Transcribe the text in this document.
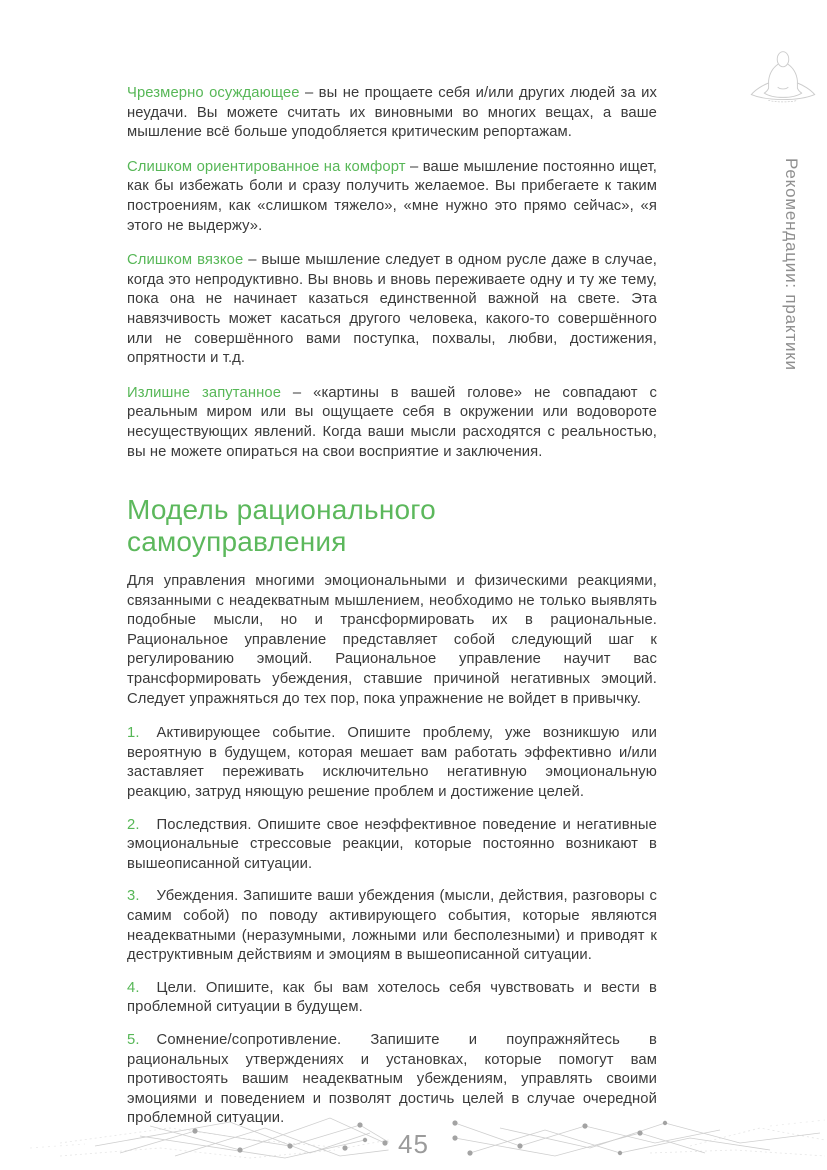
Рекомендации: практики

Чрезмерно осуждающее – вы не прощаете себя и/или других людей за их неудачи. Вы можете считать их виновными во многих вещах, а ваше мышление всё больше уподобляется критическим репортажам.

Слишком ориентированное на комфорт – ваше мышление постоянно ищет, как бы избежать боли и сразу получить желаемое. Вы прибегаете к таким построениям, как «слишком тяжело», «мне нужно это прямо сейчас», «я этого не выдержу».

Слишком вязкое – выше мышление следует в одном русле даже в случае, когда это непродуктивно. Вы вновь и вновь переживаете одну и ту же тему, пока она не начинает казаться единственной важной на свете. Эта навязчивость может касаться другого человека, какого-то совершённого или не совершённого вами поступка, похвалы, любви, достижения, опрятности и т.д.

Излишне запутанное – «картины в вашей голове» не совпадают с реальным миром или вы ощущаете себя в окружении или водовороте несуществующих явлений. Когда ваши мысли расходятся с реальностью, вы не можете опираться на свои восприятие и заключения.

Модель рационального самоуправления

Для управления многими эмоциональными и физическими реакциями, связанными с неадекватным мышлением, необходимо не только выявлять подобные мысли, но и трансформировать их в рациональные. Рациональное управление представляет собой следующий шаг к регулированию эмоций. Рациональное управление научит вас трансформировать убеждения, ставшие причиной негативных эмоций. Следует упражняться до тех пор, пока упражнение не войдет в привычку.

1. Активирующее событие. Опишите проблему, уже возникшую или вероятную в будущем, которая мешает вам работать эффективно и/или заставляет переживать исключительно негативную эмоциональную реакцию, затруд няющую решение проблем и достижение целей.
2. Последствия. Опишите свое неэффективное поведение и негативные эмоциональные стрессовые реакции, которые постоянно возникают в вышеописанной ситуации.
3. Убеждения. Запишите ваши убеждения (мысли, действия, разговоры с самим собой) по поводу активирующего события, которые являются неадекватными (неразумными, ложными или бесполезными) и приводят к деструктивным действиям и эмоциям в вышеописанной ситуации.
4. Цели. Опишите, как бы вам хотелось себя чувствовать и вести в проблемной ситуации в будущем.
5. Сомнение/сопротивление. Запишите и поупражняйтесь в рациональных утверждениях и установках, которые помогут вам противостоять вашим неадекватным убеждениям, управлять своими эмоциями и поведением и позволят достичь целей в случае очередной проблемной ситуации.
45
